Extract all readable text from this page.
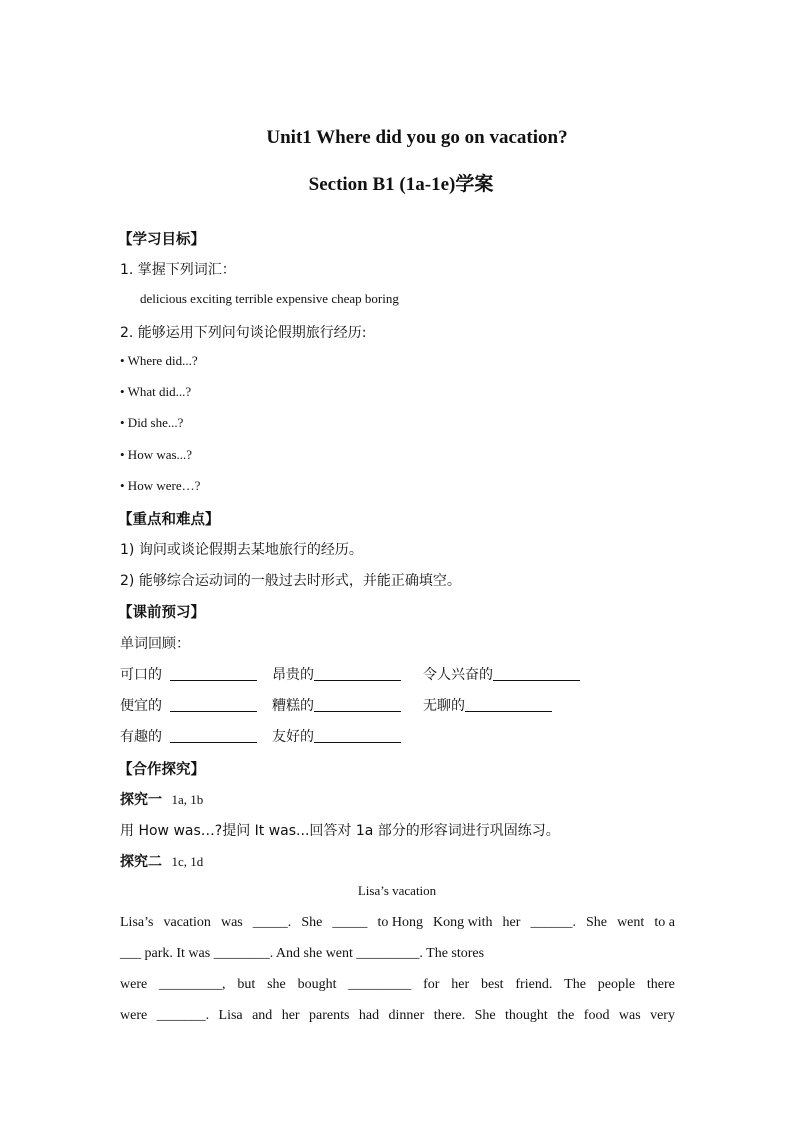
Unit1 Where did you go on vacation?
Section B1 (1a-1e)学案
【学习目标】
1. 掌握下列词汇：
delicious exciting terrible expensive cheap boring
2. 能够运用下列问句谈论假期旅行经历:
• Where did...?
• What did...?
• Did she...?
• How was...?
• How were…?
【重点和难点】
1) 询问或谈论假期去某地旅行的经历。
2) 能够综合运动词的一般过去时形式，并能正确填空。
【课前预习】
单词回顾：
可口的	昂贵的	令人兴奋的
便宜的	糟糕的	无聊的
有趣的	友好的
【合作探究】
探究一 1a, 1b
用 How was…?提问 It was...回答对 1a 部分的形容词进行巩固练习。
探究二 1c, 1d
Lisa’s vacation
Lisa’s vacation was _____. She _____ to Hong Kong with her ______. She went to a
___ park. It was ________. And she went _________. The stores
were _________, but she bought _________ for her best friend. The people there
were _______. Lisa and her parents had dinner there. She thought the food was very
